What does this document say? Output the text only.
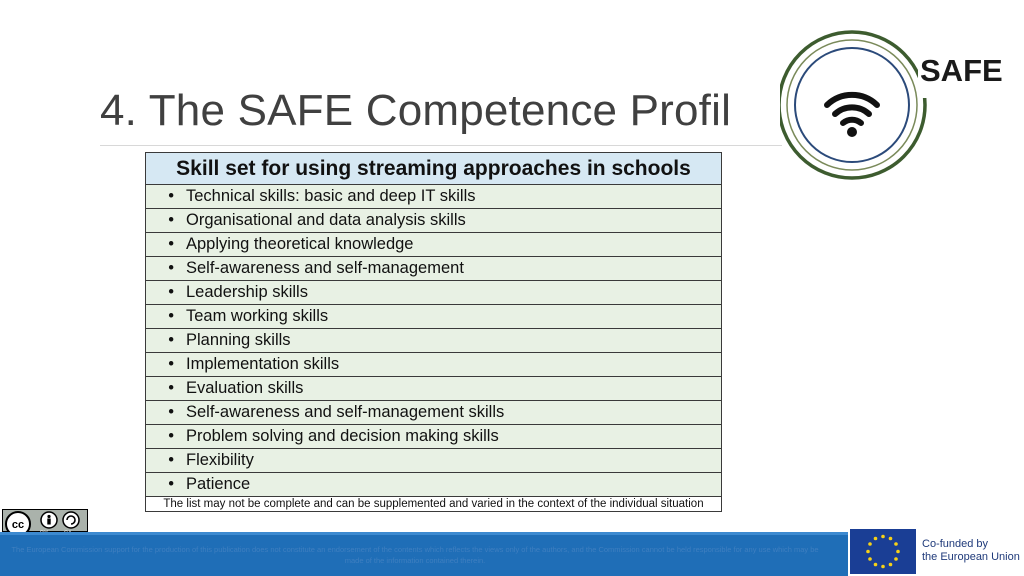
4. The SAFE Competence Profil
SAFE
Skill set for using streaming approaches in schools
• Technical skills: basic and deep IT skills
• Organisational and data analysis skills
• Applying theoretical knowledge
• Self-awareness and self-management
• Leadership skills
• Team working skills
• Planning skills
• Implementation skills
• Evaluation skills
• Self-awareness and self-management skills
• Problem solving and decision making skills
• Flexibility
• Patience
The list may not be complete and can be supplemented and varied in the context of the individual situation
cc
The European Commission support for the production of this publication does not constitute an endorsement of the contents which reflects the views only of the authors, and the Commission cannot be held responsible for any use which may be made of the information contained therein.
Co-funded by
the European Union
